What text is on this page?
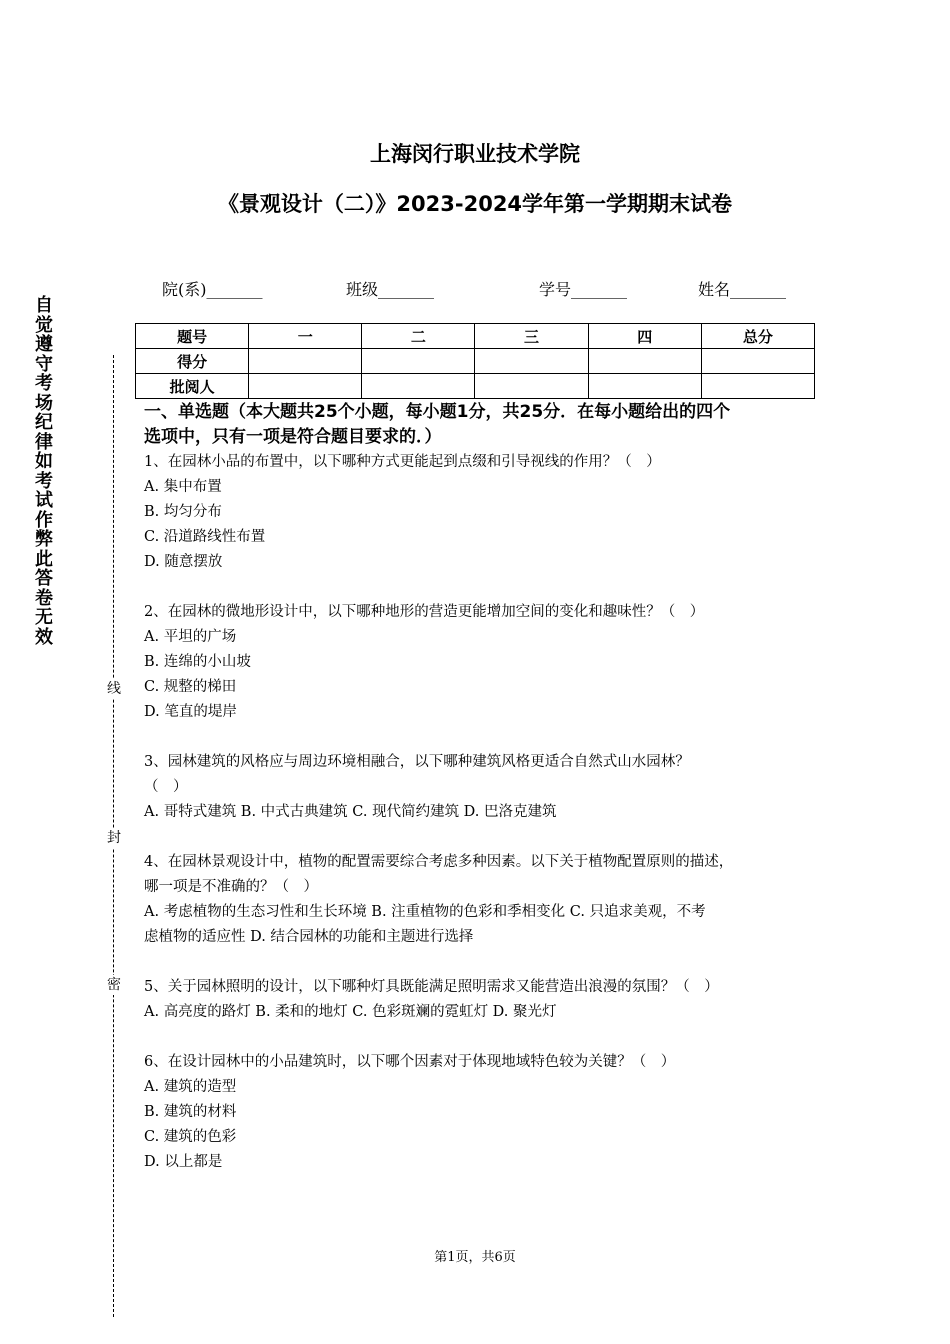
上海闵行职业技术学院
《景观设计（二）》2023-2024学年第一学期期末试卷
自觉遵守考场纪律如考试作弊此答卷无效
线
封
密
院(系)_______	班级_______	学号_______	姓名_______
题号	一	二	三	四	总分
得分					
批阅人					
一、单选题（本大题共25个小题，每小题1分，共25分．在每小题给出的四个
选项中，只有一项是符合题目要求的．）
1、在园林小品的布置中，以下哪种方式更能起到点缀和引导视线的作用？（　）
A. 集中布置
B. 均匀分布
C. 沿道路线性布置
D. 随意摆放
2、在园林的微地形设计中，以下哪种地形的营造更能增加空间的变化和趣味性？（　）
A. 平坦的广场
B. 连绵的小山坡
C. 规整的梯田
D. 笔直的堤岸
3、园林建筑的风格应与周边环境相融合，以下哪种建筑风格更适合自然式山水园林？
（　）
A. 哥特式建筑 B. 中式古典建筑 C. 现代简约建筑 D. 巴洛克建筑
4、在园林景观设计中，植物的配置需要综合考虑多种因素。以下关于植物配置原则的描述，
哪一项是不准确的？（　）
A. 考虑植物的生态习性和生长环境 B. 注重植物的色彩和季相变化 C. 只追求美观，不考
虑植物的适应性 D. 结合园林的功能和主题进行选择
5、关于园林照明的设计，以下哪种灯具既能满足照明需求又能营造出浪漫的氛围？（　）
A. 高亮度的路灯 B. 柔和的地灯 C. 色彩斑斓的霓虹灯 D. 聚光灯
6、在设计园林中的小品建筑时，以下哪个因素对于体现地域特色较为关键？（　）
A. 建筑的造型
B. 建筑的材料
C. 建筑的色彩
D. 以上都是
第1页，共6页
